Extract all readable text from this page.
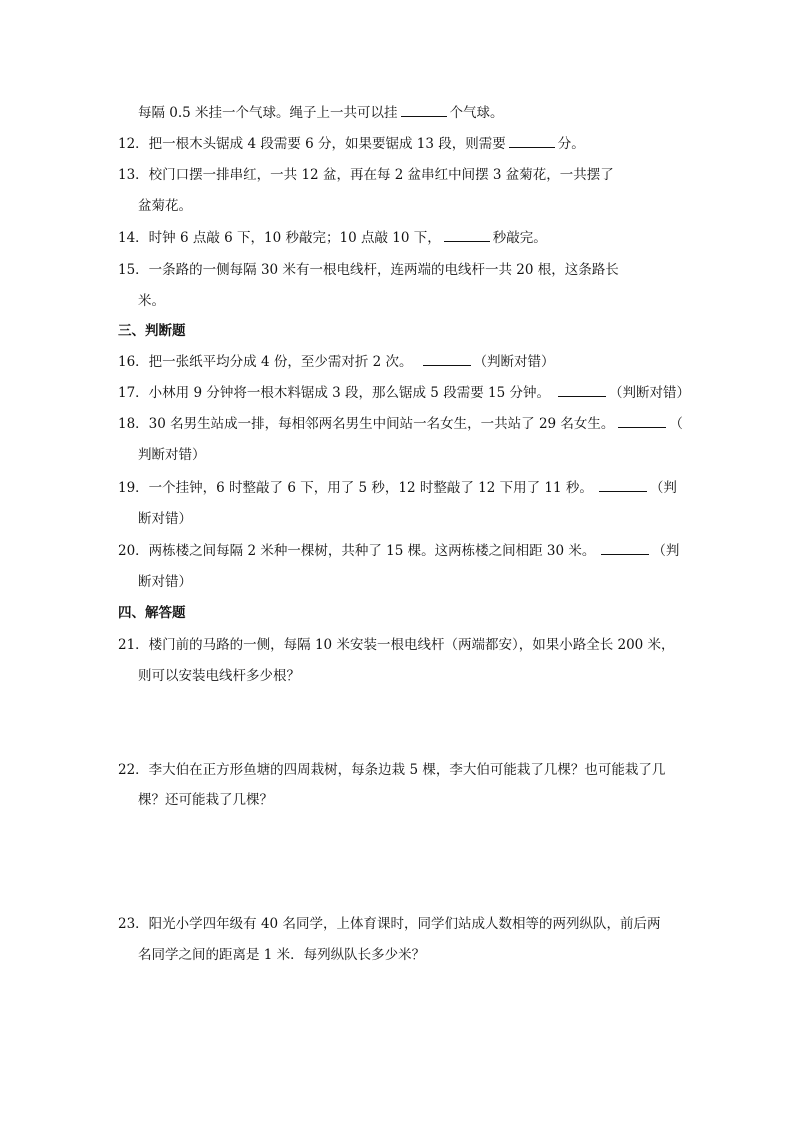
每隔 0.5 米挂一个气球。绳子上一共可以挂	个气球。
12．把一根木头锯成 4 段需要 6 分，如果要锯成 13 段，则需要	分。
13．校门口摆一排串红，一共 12 盆，再在每 2 盆串红中间摆 3 盆菊花，一共摆了
盆菊花。
14．时钟 6 点敲 6 下，10 秒敲完；10 点敲 10 下，	秒敲完。
15．一条路的一侧每隔 30 米有一根电线杆，连两端的电线杆一共 20 根，这条路长
米。
三、判断题
16．把一张纸平均分成 4 份，至少需对折 2 次。	（判断对错）
17．小林用 9 分钟将一根木料锯成 3 段，那么锯成 5 段需要 15 分钟。	（判断对错）
18．30 名男生站成一排，每相邻两名男生中间站一名女生，一共站了 29 名女生。	（
判断对错）
19．一个挂钟，6 时整敲了 6 下，用了 5 秒，12 时整敲了 12 下用了 11 秒。	（判
断对错）
20．两栋楼之间每隔 2 米种一棵树，共种了 15 棵。这两栋楼之间相距 30 米。	（判
断对错）
四、解答题
21．楼门前的马路的一侧，每隔 10 米安装一根电线杆（两端都安），如果小路全长 200 米，
则可以安装电线杆多少根？
22．李大伯在正方形鱼塘的四周栽树，每条边栽 5 棵，李大伯可能栽了几棵？也可能栽了几
棵？还可能栽了几棵？
23．阳光小学四年级有 40 名同学，上体育课时，同学们站成人数相等的两列纵队，前后两
名同学之间的距离是 1 米．每列纵队长多少米？
